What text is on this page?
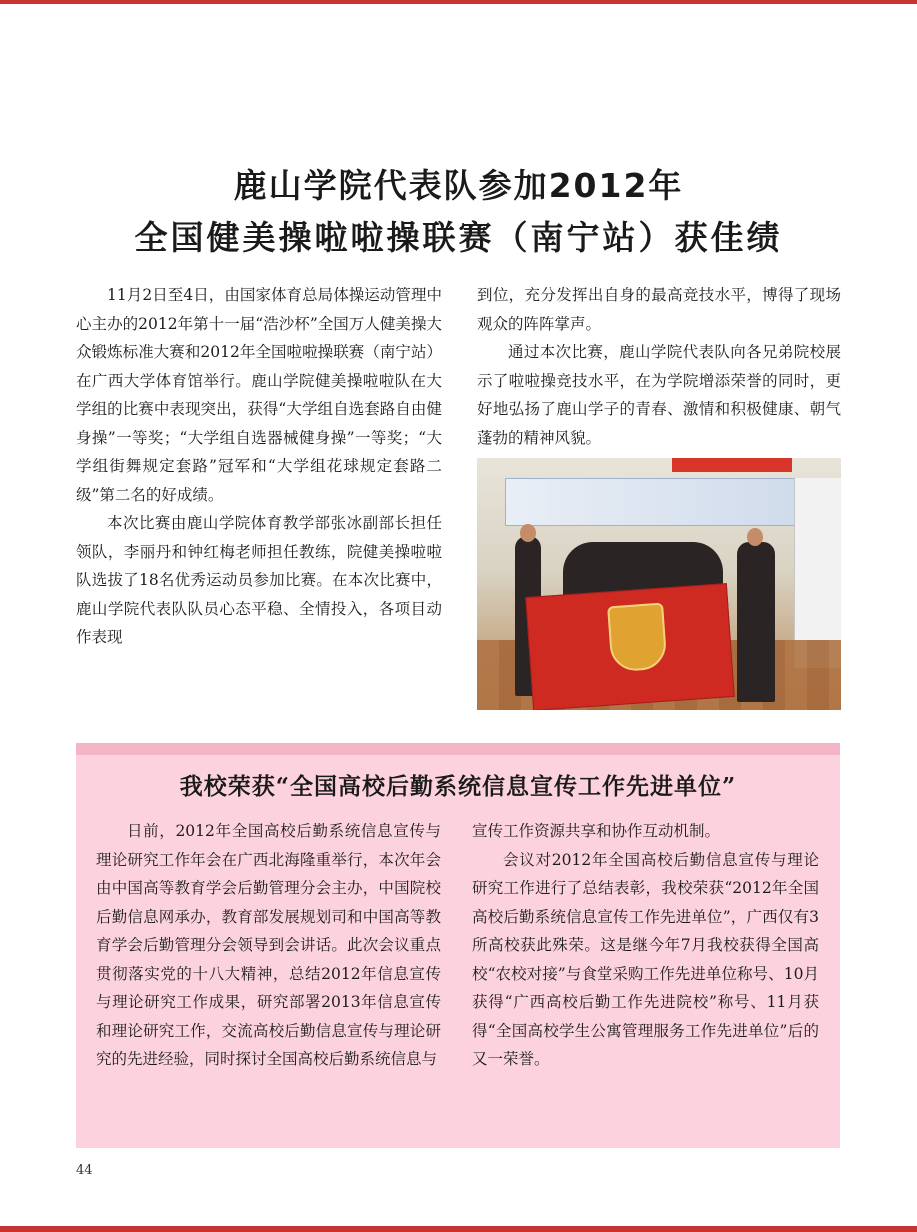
鹿山学院代表队参加2012年
全国健美操啦啦操联赛（南宁站）获佳绩

11月2日至4日，由国家体育总局体操运动管理中心主办的2012年第十一届“浩沙杯”全国万人健美操大众锻炼标准大赛和2012年全国啦啦操联赛（南宁站）在广西大学体育馆举行。鹿山学院健美操啦啦队在大学组的比赛中表现突出，获得“大学组自选套路自由健身操”一等奖；“大学组自选器械健身操”一等奖；“大学组街舞规定套路”冠军和“大学组花球规定套路二级”第二名的好成绩。

本次比赛由鹿山学院体育教学部张冰副部长担任领队，李丽丹和钟红梅老师担任教练，院健美操啦啦队选拔了18名优秀运动员参加比赛。在本次比赛中，鹿山学院代表队队员心态平稳、全情投入，各项目动作表现

到位，充分发挥出自身的最高竞技水平，博得了现场观众的阵阵掌声。

通过本次比赛，鹿山学院代表队向各兄弟院校展示了啦啦操竞技水平，在为学院增添荣誉的同时，更好地弘扬了鹿山学子的青春、激情和积极健康、朝气蓬勃的精神风貌。

我校荣获“全国高校后勤系统信息宣传工作先进单位”

日前，2012年全国高校后勤系统信息宣传与理论研究工作年会在广西北海隆重举行，本次年会由中国高等教育学会后勤管理分会主办，中国院校后勤信息网承办，教育部发展规划司和中国高等教育学会后勤管理分会领导到会讲话。此次会议重点贯彻落实党的十八大精神，总结2012年信息宣传与理论研究工作成果，研究部署2013年信息宣传和理论研究工作，交流高校后勤信息宣传与理论研究的先进经验，同时探讨全国高校后勤系统信息与

宣传工作资源共享和协作互动机制。

会议对2012年全国高校后勤信息宣传与理论研究工作进行了总结表彰，我校荣获“2012年全国高校后勤系统信息宣传工作先进单位”，广西仅有3所高校获此殊荣。这是继今年7月我校获得全国高校“农校对接”与食堂采购工作先进单位称号、10月获得“广西高校后勤工作先进院校”称号、11月获得“全国高校学生公寓管理服务工作先进单位”后的又一荣誉。

44
